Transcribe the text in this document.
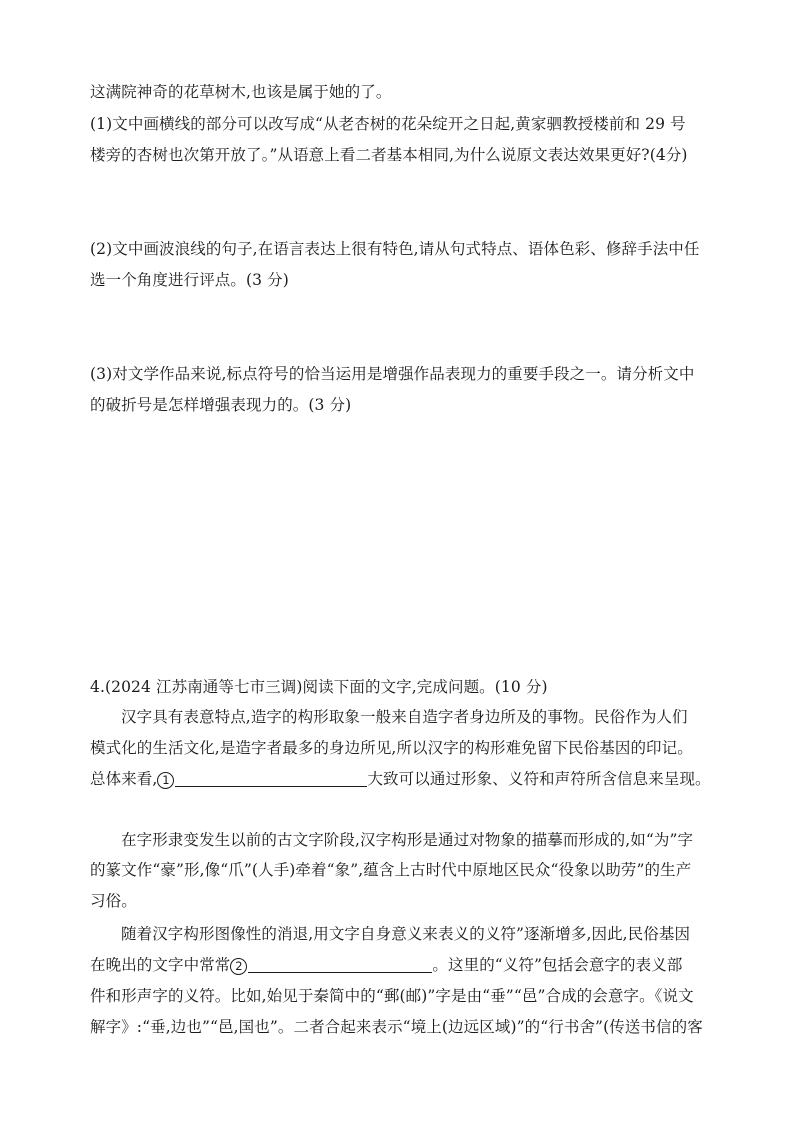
这满院神奇的花草树木,也该是属于她的了。
(1)文中画横线的部分可以改写成“从老杏树的花朵绽开之日起,黄家驷教授楼前和 29 号
楼旁的杏树也次第开放了。”从语意上看二者基本相同,为什么说原文表达效果更好?(4分)
(2)文中画波浪线的句子,在语言表达上很有特色,请从句式特点、语体色彩、修辞手法中任
选一个角度进行评点。(3 分)
(3)对文学作品来说,标点符号的恰当运用是增强作品表现力的重要手段之一。请分析文中
的破折号是怎样增强表现力的。(3 分)
4.(2024 江苏南通等七市三调)阅读下面的文字,完成问题。(10 分)
汉字具有表意特点,造字的构形取象一般来自造字者身边所及的事物。民俗作为人们
模式化的生活文化,是造字者最多的身边所见,所以汉字的构形难免留下民俗基因的印记。
总体来看, 1	大致可以通过形象、义符和声符所含信息来呈现。
在字形隶变发生以前的古文字阶段,汉字构形是通过对物象的描摹而形成的,如“为”字
的篆文作“豪”形,像“爪”(人手)牵着“象”,蕴含上古时代中原地区民众“役象以助劳”的生产
习俗。
随着汉字构形图像性的消退,用文字自身意义来表义的义符”逐渐增多,因此,民俗基因
在晚出的文字中常常 2	。这里的“义符”包括会意字的表义部
件和形声字的义符。比如,始见于秦简中的“郵(邮)”字是由“垂”“邑”合成的会意字。《说文
解字》:“垂,边也”“邑,国也”。二者合起来表示“境上(边远区域)”的“行书舍”(传送书信的客
